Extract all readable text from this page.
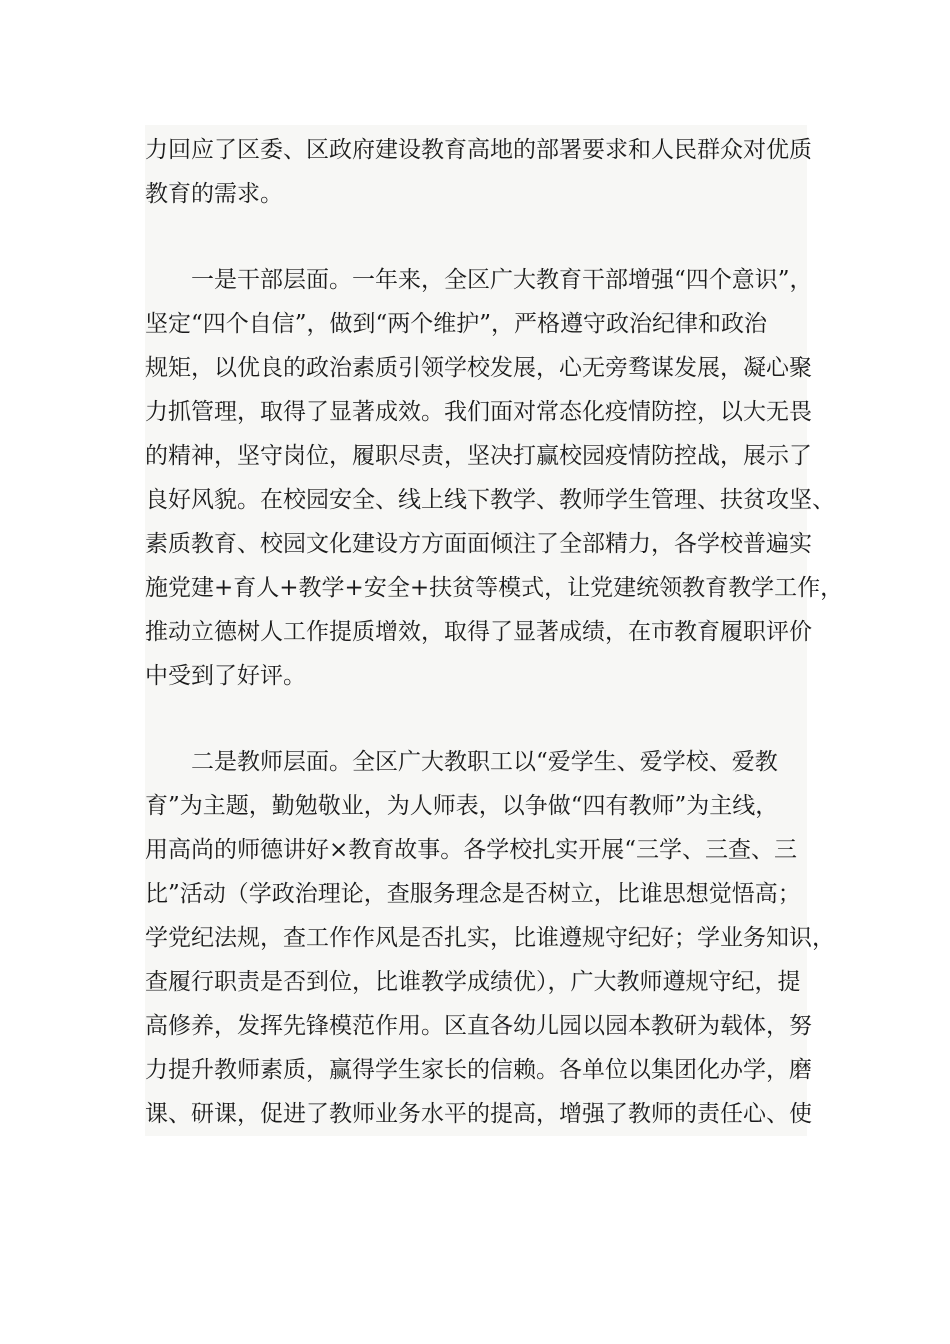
力回应了区委、区政府建设教育高地的部署要求和人民群众对优质
教育的需求。
一是干部层面。一年来，全区广大教育干部增强“四个意识”，
坚定“四个自信”，做到“两个维护”，严格遵守政治纪律和政治
规矩，以优良的政治素质引领学校发展，心无旁骛谋发展，凝心聚
力抓管理，取得了显著成效。我们面对常态化疫情防控，以大无畏
的精神，坚守岗位，履职尽责，坚决打赢校园疫情防控战，展示了
良好风貌。在校园安全、线上线下教学、教师学生管理、扶贫攻坚、
素质教育、校园文化建设方方面面倾注了全部精力，各学校普遍实
施党建+育人+教学+安全+扶贫等模式，让党建统领教育教学工作，
推动立德树人工作提质增效，取得了显著成绩，在市教育履职评价
中受到了好评。
二是教师层面。全区广大教职工以“爱学生、爱学校、爱教
育”为主题，勤勉敬业，为人师表，以争做“四有教师”为主线，
用高尚的师德讲好×教育故事。各学校扎实开展“三学、三查、三
比”活动（学政治理论，查服务理念是否树立，比谁思想觉悟高；
学党纪法规，查工作作风是否扎实，比谁遵规守纪好；学业务知识，
查履行职责是否到位，比谁教学成绩优），广大教师遵规守纪，提
高修养，发挥先锋模范作用。区直各幼儿园以园本教研为载体，努
力提升教师素质，赢得学生家长的信赖。各单位以集团化办学，磨
课、研课，促进了教师业务水平的提高，增强了教师的责任心、使
